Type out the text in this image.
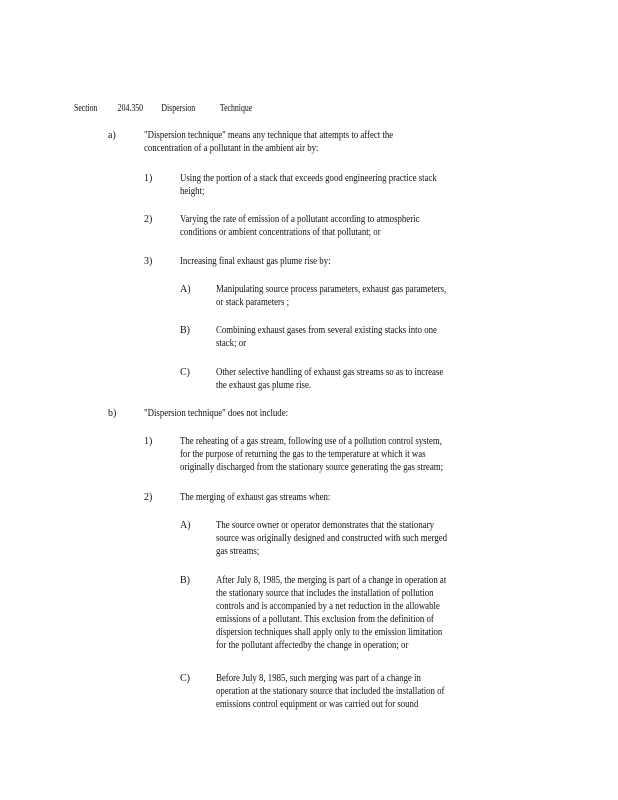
Section 204.350 Dispersion Technique
a)	"Dispersion technique" means any technique that attempts to affect the
concentration of a pollutant in the ambient air by:
1)	Using the portion of a stack that exceeds good engineering practice stack
height;
2)	Varying the rate of emission of a pollutant according to atmospheric
conditions or ambient concentrations of that pollutant; or
3)	Increasing final exhaust gas plume rise by:
A)	Manipulating source process parameters, exhaust gas parameters,
or stack parameters ;
B)	Combining exhaust gases from several existing stacks into one
stack; or
C)	Other selective handling of exhaust gas streams so as to increase
the exhaust gas plume rise.
b)	"Dispersion technique" does not include:
1)	The reheating of a gas stream, following use of a pollution control system,
for the purpose of returning the gas to the temperature at which it was
originally discharged from the stationary source generating the gas stream;
2)	The merging of exhaust gas streams when:
A)	The source owner or operator demonstrates that the stationary
source was originally designed and constructed with such merged
gas streams;
B)	After July 8, 1985, the merging is part of a change in operation at
the stationary source that includes the installation of pollution
controls and is accompanied by a net reduction in the allowable
emissions of a pollutant. This exclusion from the definition of
dispersion techniques shall apply only to the emission limitation
for the pollutant affectedby the change in operation; or
C)	Before July 8, 1985, such merging was part of a change in
operation at the stationary source that included the installation of
emissions control equipment or was carried out for sound
